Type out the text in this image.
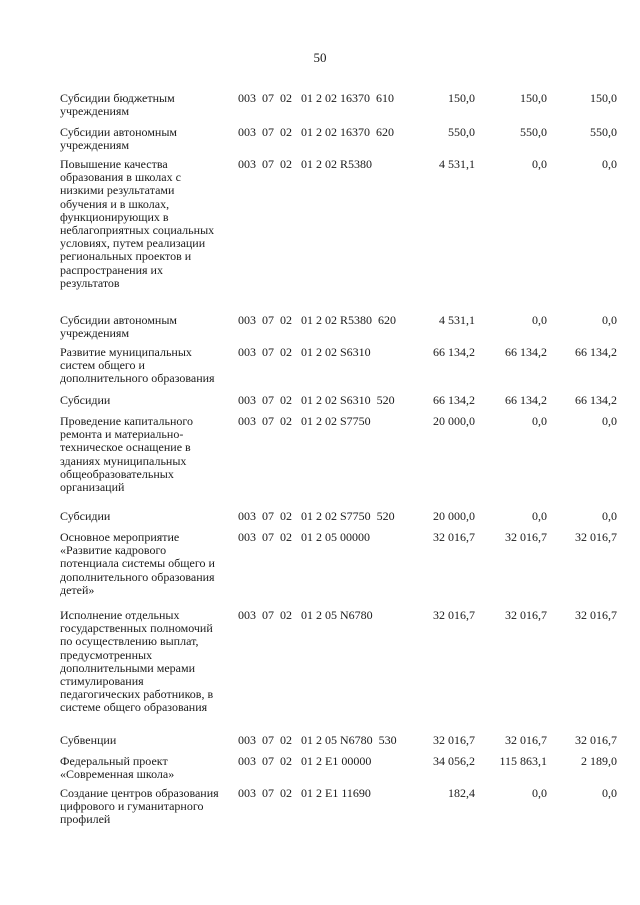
50
Субсидии бюджетным
учреждениям
003  07  02   01 2 02 16370  610	150,0	150,0	150,0
Субсидии автономным
учреждениям
003  07  02   01 2 02 16370  620	550,0	550,0	550,0
Повышение качества
образования в школах с
низкими результатами
обучения и в школах,
функционирующих в
неблагоприятных социальных
условиях, путем реализации
региональных проектов и
распространения их
результатов
003  07  02   01 2 02 R5380	4 531,1	0,0	0,0
Субсидии автономным
учреждениям
003  07  02   01 2 02 R5380  620	4 531,1	0,0	0,0
Развитие муниципальных
систем общего и
дополнительного образования
003  07  02   01 2 02 S6310	66 134,2	66 134,2	66 134,2
Субсидии	003  07  02   01 2 02 S6310  520	66 134,2	66 134,2	66 134,2
Проведение капитального
ремонта и материально-
техническое оснащение в
зданиях муниципальных
общеобразовательных
организаций
003  07  02   01 2 02 S7750	20 000,0	0,0	0,0
Субсидии	003  07  02   01 2 02 S7750  520	20 000,0	0,0	0,0
Основное мероприятие
«Развитие кадрового
потенциала системы общего и
дополнительного образования
детей»
003  07  02   01 2 05 00000	32 016,7	32 016,7	32 016,7
Исполнение отдельных
государственных полномочий
по осуществлению выплат,
предусмотренных
дополнительными мерами
стимулирования
педагогических работников, в
системе общего образования
003  07  02   01 2 05 N6780	32 016,7	32 016,7	32 016,7
Субвенции	003  07  02   01 2 05 N6780  530	32 016,7	32 016,7	32 016,7
Федеральный проект
«Современная школа»
003  07  02   01 2 E1 00000	34 056,2	115 863,1	2 189,0
Создание центров образования
цифрового и гуманитарного
профилей
003  07  02   01 2 E1 11690	182,4	0,0	0,0
